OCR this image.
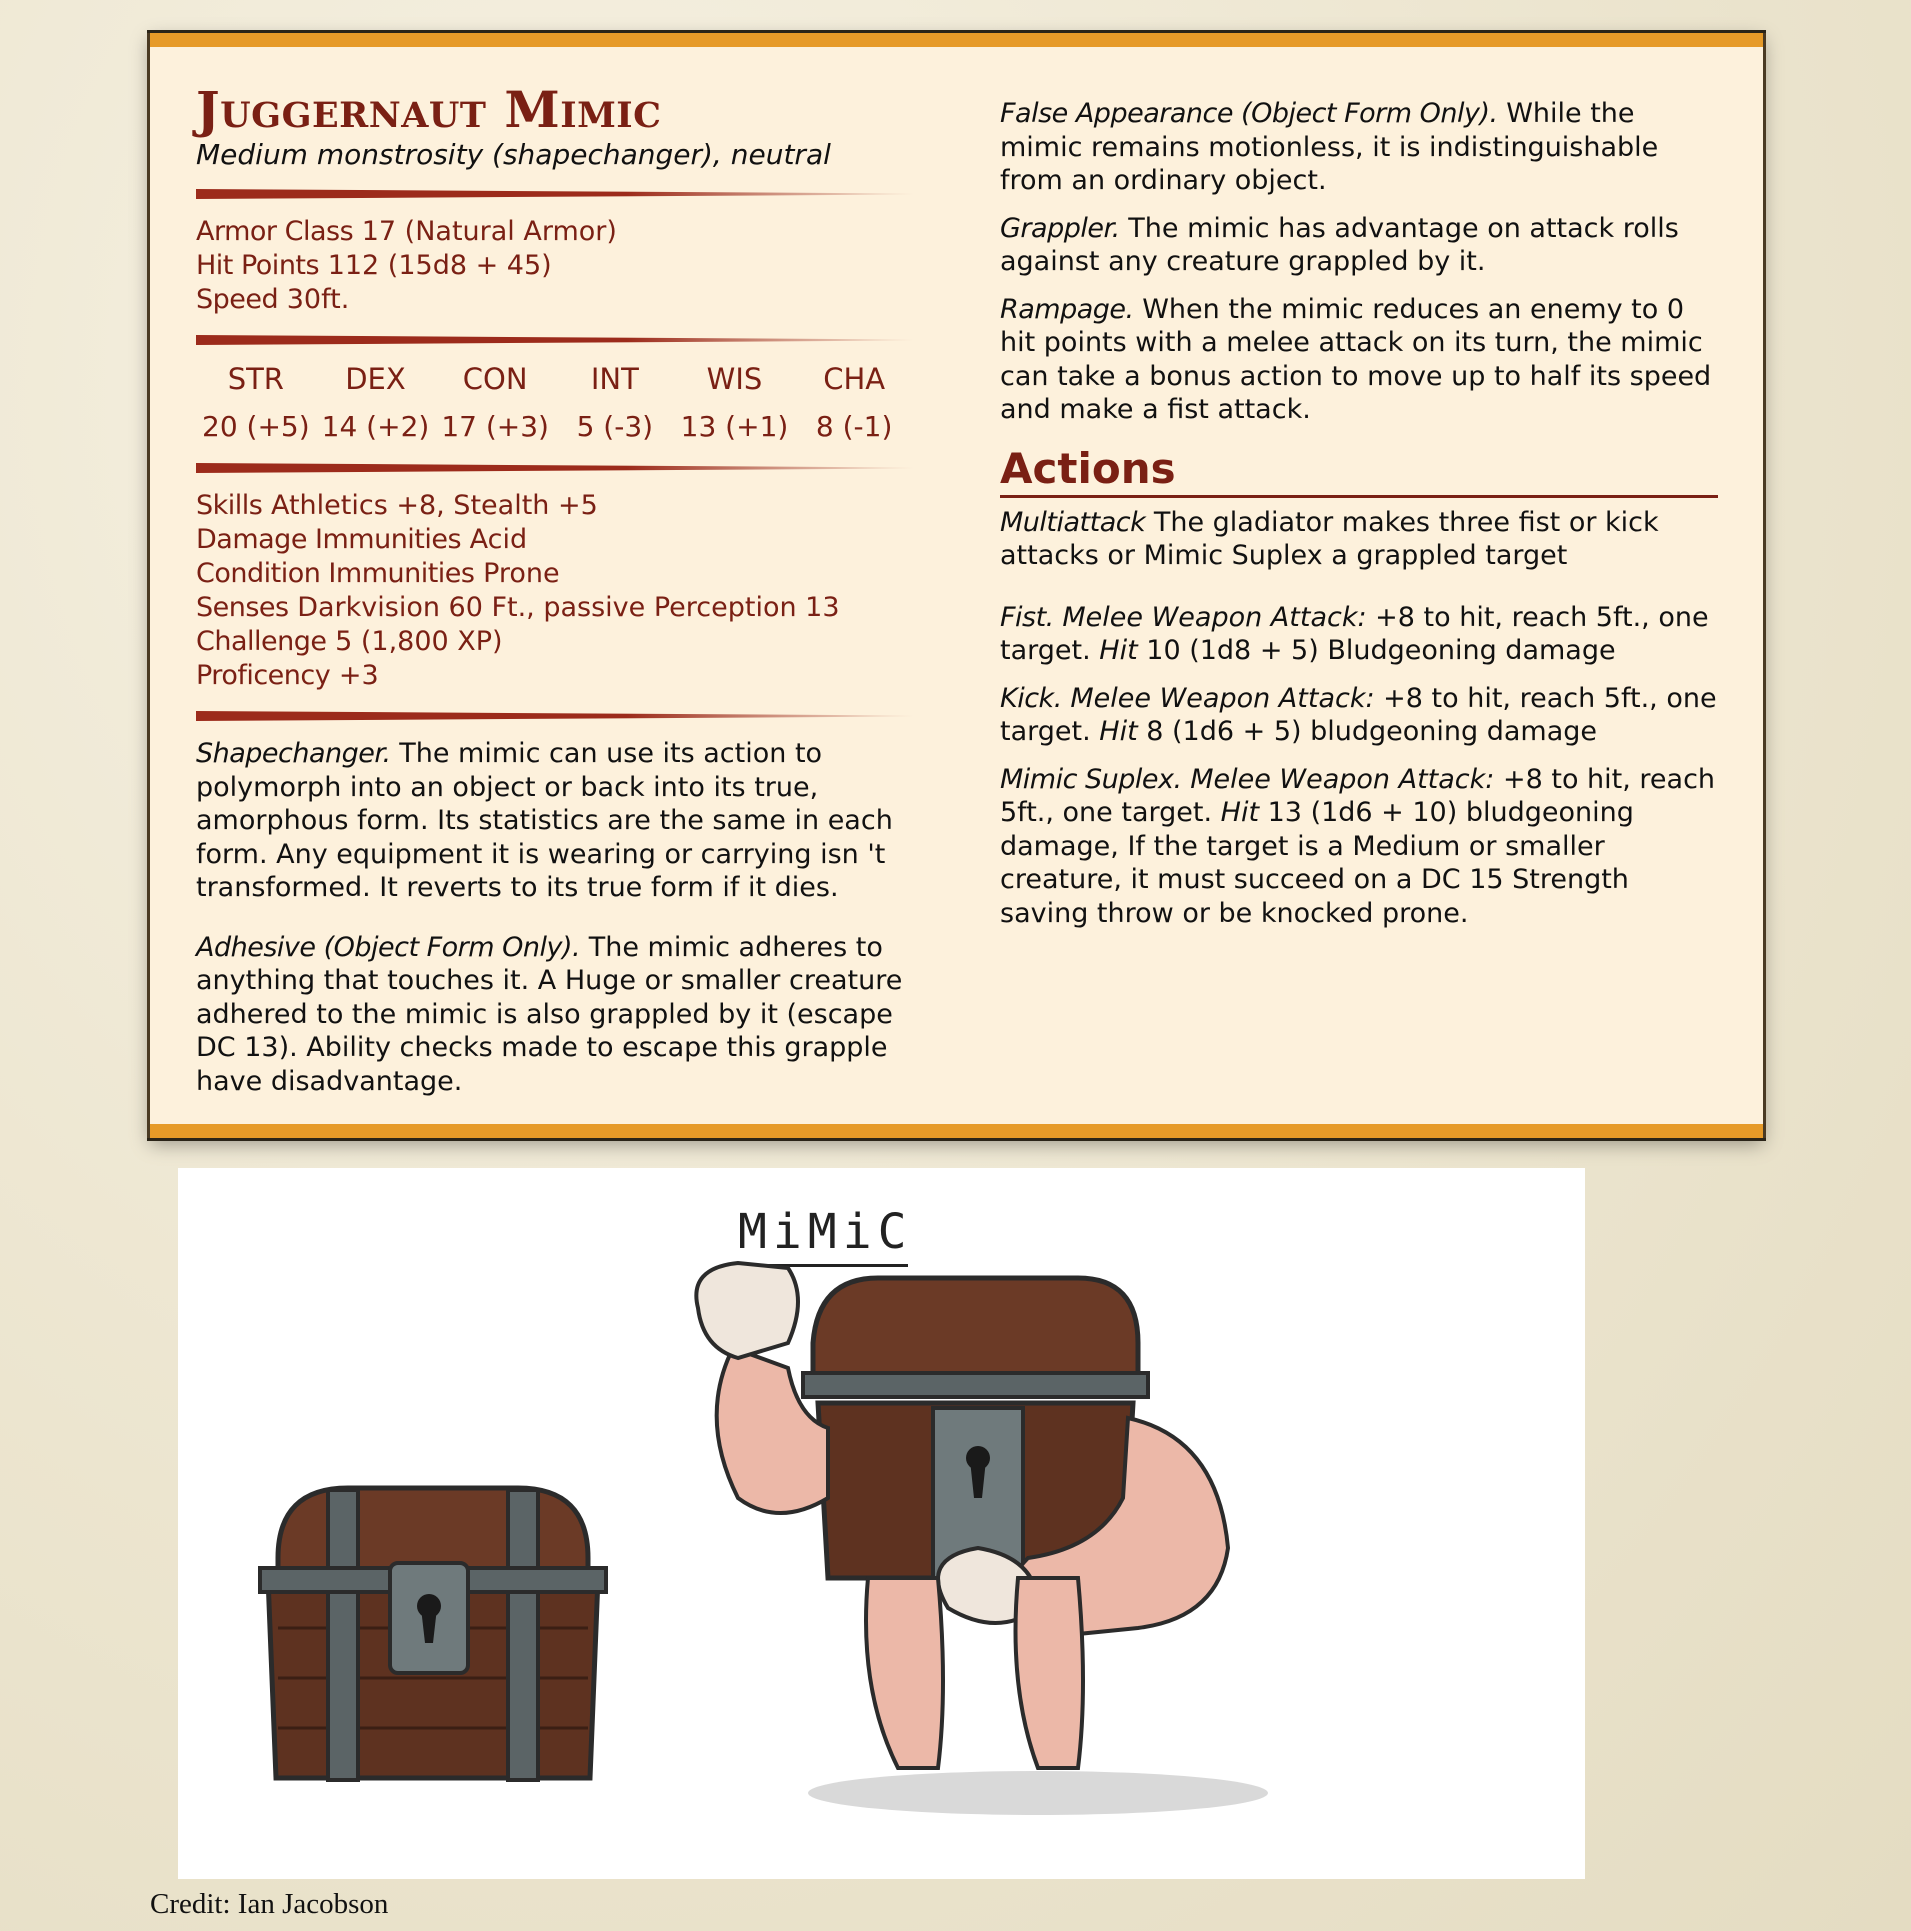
Juggernaut Mimic
Medium monstrosity (shapechanger), neutral
Armor Class 17 (Natural Armor)
Hit Points 112 (15d8 + 45)
Speed 30ft.
STR	DEX	CON	INT	WIS	CHA
20 (+5) 14 (+2) 17 (+3) 5 (-3) 13 (+1) 8 (-1)
Skills Athletics +8, Stealth +5
Damage Immunities Acid
Condition Immunities Prone
Senses Darkvision 60 Ft., passive Perception 13
Challenge 5 (1,800 XP)
Proficency +3

Shapechanger. The mimic can use its action to polymorph into an object or back into its true, amorphous form. Its statistics are the same in each form. Any equipment it is wearing or carrying isn 't transformed. It reverts to its true form if it dies.

Adhesive (Object Form Only). The mimic adheres to anything that touches it. A Huge or smaller creature adhered to the mimic is also grappled by it (escape DC 13). Ability checks made to escape this grapple have disadvantage.

False Appearance (Object Form Only). While the mimic remains motionless, it is indistinguishable from an ordinary object.

Grappler. The mimic has advantage on attack rolls against any creature grappled by it.

Rampage. When the mimic reduces an enemy to 0 hit points with a melee attack on its turn, the mimic can take a bonus action to move up to half its speed and make a fist attack.

Actions

Multiattack The gladiator makes three fist or kick attacks or Mimic Suplex a grappled target

Fist. Melee Weapon Attack: +8 to hit, reach 5ft., one target. Hit 10 (1d8 + 5) Bludgeoning damage

Kick. Melee Weapon Attack: +8 to hit, reach 5ft., one target. Hit 8 (1d6 + 5) bludgeoning damage

Mimic Suplex. Melee Weapon Attack: +8 to hit, reach 5ft., one target. Hit 13 (1d6 + 10) bludgeoning damage, If the target is a Medium or smaller creature, it must succeed on a DC 15 Strength saving throw or be knocked prone.

MiMiC
Credit: Ian Jacobson
